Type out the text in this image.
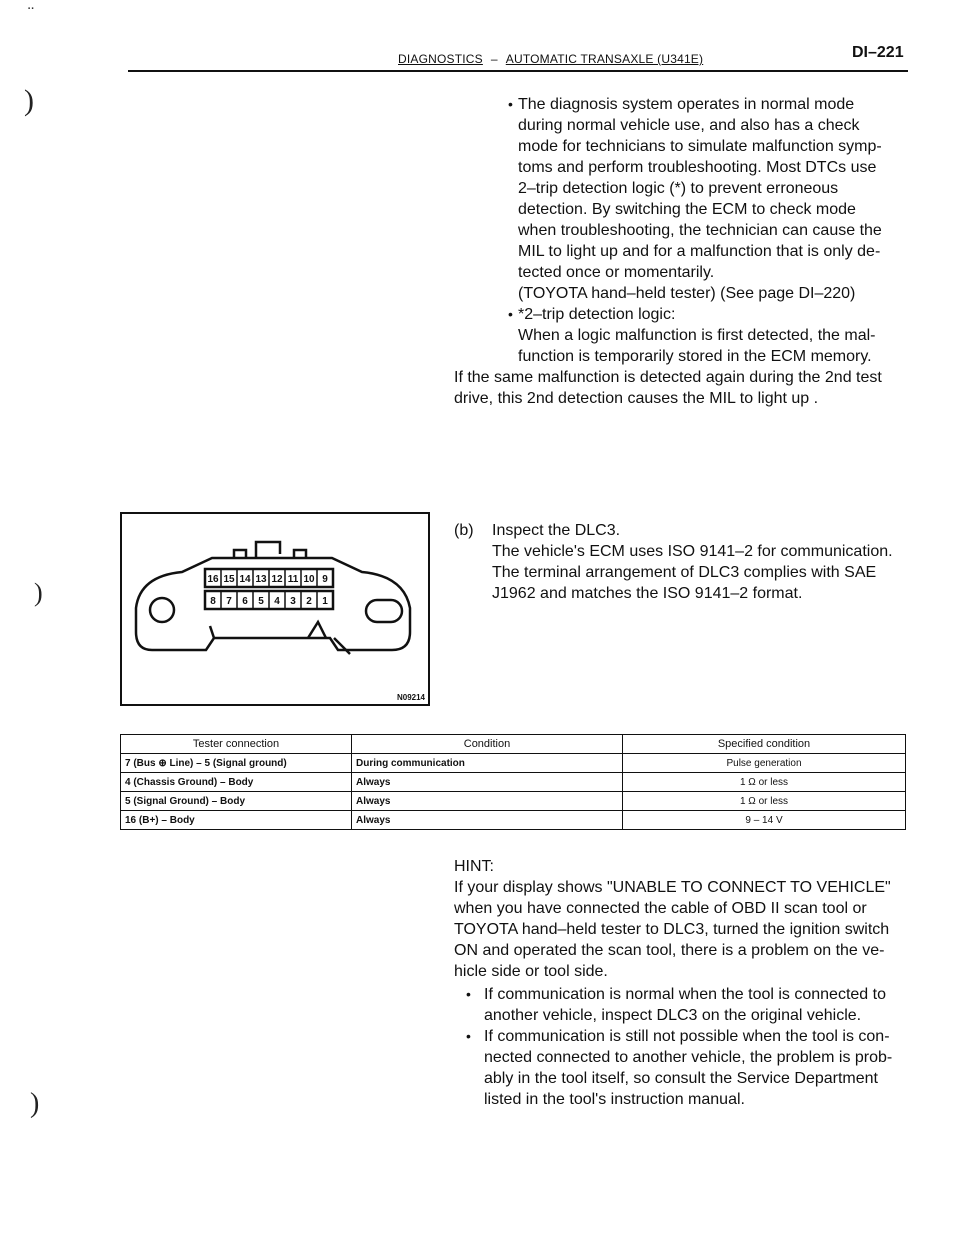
¨
)
)
)
DIAGNOSTICS – AUTOMATIC TRANSAXLE (U341E)	DI–221
• The diagnosis system operates in normal mode
during normal vehicle use, and also has a check
mode for technicians to simulate malfunction symp-
toms and perform troubleshooting. Most DTCs use
2–trip detection logic (*) to prevent erroneous
detection. By switching the ECM to check mode
when troubleshooting, the technician can cause the
MIL to light up and for a malfunction that is only de-
tected once or momentarily.
(TOYOTA hand–held tester) (See page DI–220)
• *2–trip detection logic:
When a logic malfunction is first detected, the mal-
function is temporarily stored in the ECM memory.
If the same malfunction is detected again during the 2nd test
drive, this 2nd detection causes the MIL to light up .
16 15 14 13 12 11 10 9
8 7 6 5 4 3 2 1
N09214
(b) Inspect the DLC3.
The vehicle's ECM uses ISO 9141–2 for communication.
The terminal arrangement of DLC3 complies with SAE
J1962 and matches the ISO 9141–2 format.
Tester connection	Condition	Specified condition
7 (Bus ⊕ Line) – 5 (Signal ground)	During communication	Pulse generation
4 (Chassis Ground) – Body	Always	1 Ω or less
5 (Signal Ground) – Body	Always	1 Ω or less
16 (B+) – Body	Always	9 – 14 V
HINT:
If your display shows "UNABLE TO CONNECT TO VEHICLE"
when you have connected the cable of OBD II scan tool or
TOYOTA hand–held tester to DLC3, turned the ignition switch
ON and operated the scan tool, there is a problem on the ve-
hicle side or tool side.
• If communication is normal when the tool is connected to
another vehicle, inspect DLC3 on the original vehicle.
• If communication is still not possible when the tool is con-
nected connected to another vehicle, the problem is prob-
ably in the tool itself, so consult the Service Department
listed in the tool's instruction manual.
